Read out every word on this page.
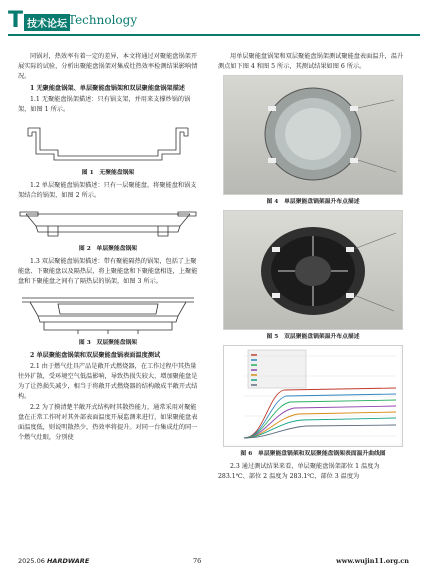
T 技术论坛 Technology

同锅对，热效率有着一定的差异，本文将通过对聚能盘锅架开展实际的试验，分析出聚能盘锅架对集成灶热效率检测结果影响情况。

1 无聚能盘锅架、单层聚能盘锅架和双层聚能盘锅架描述

1.1 无聚能盘锅架描述：只有锅支架，并用来支撑炒锅的锅架，如图 1 所示。

图 1　无聚能盘锅架

1.2 单层聚能盘锅架描述：只有一层聚能盘，将聚能盘和锅支架结合的锅架，如图 2 所示。

图 2　单层聚能盘锅架

1.3 双层聚能盘锅架描述：带有聚能隔热的锅架，包括了上聚能盘、下聚能盘以及隔热层，将上聚能盘和下聚能盘相连，上聚能盘和下聚能盘之间有了隔热层的锅架，如图 3 所示。

图 3　双层聚能盘锅架

2 单层聚能盘锅架和双层聚能盘锅表面温度测试

2.1 由于燃气灶具产品是敞开式燃烧器，在工作过程中其热量往外扩散，受环境空气低温影响，导致热损失较大，增加聚能盘是为了让热损失减少，相当于将敞开式燃烧器的结构敞成半敞开式结构。

2.2 为了摸清楚半敞开式结构时其散热能力，通常采用对聚能盘在正常工作时对其外部表面温度开展监测来进行，如果聚能盘表面温度低，则说明散热少，热效率将提升。对同一台集成灶的同一个燃气灶眼，分别使

用单层聚能盘锅架和双层聚能盘锅架测试聚能盘表面温升，温升测点如下图 4 和图 5 所示，其测试结果如图 6 所示。

图 4　单层聚能盘锅架温升布点描述

图 5　双层聚能盘锅架温升布点描述

图 6　单层聚能盘锅架和双层聚能盘锅架表面温升曲线图

2.3 通过测试结果来看，单层聚能盘锅架部位 1 温度为 283.1℃、部位 2 温度为 283.1℃、部位 3 温度为

2025.06 HARDWARE	76	www.wujin11.org.cn
